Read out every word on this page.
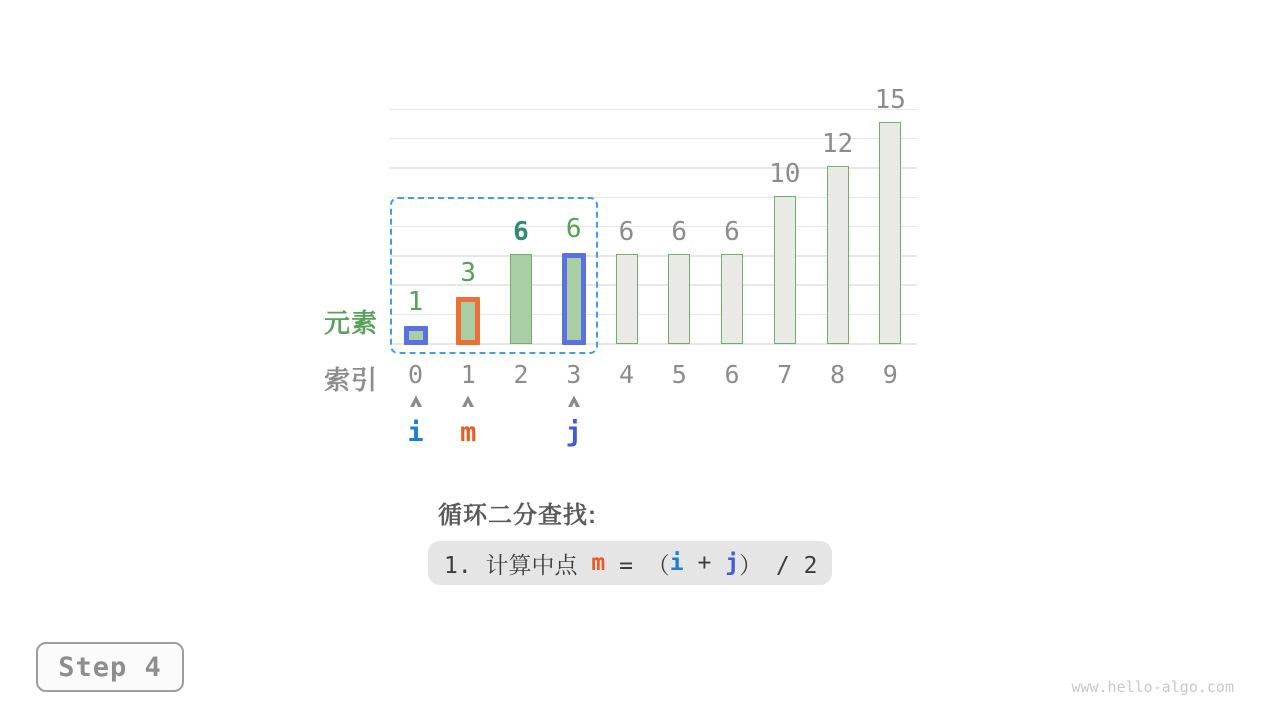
1
0
3
1
6
2
6
3
6
4
6
5
6
6
10
7
12
8
15
9
i	m	j
元素
索引
循环二分查找:
1. 计算中点 m = （ i + j ） / 2
Step 4
www.hello-algo.com
